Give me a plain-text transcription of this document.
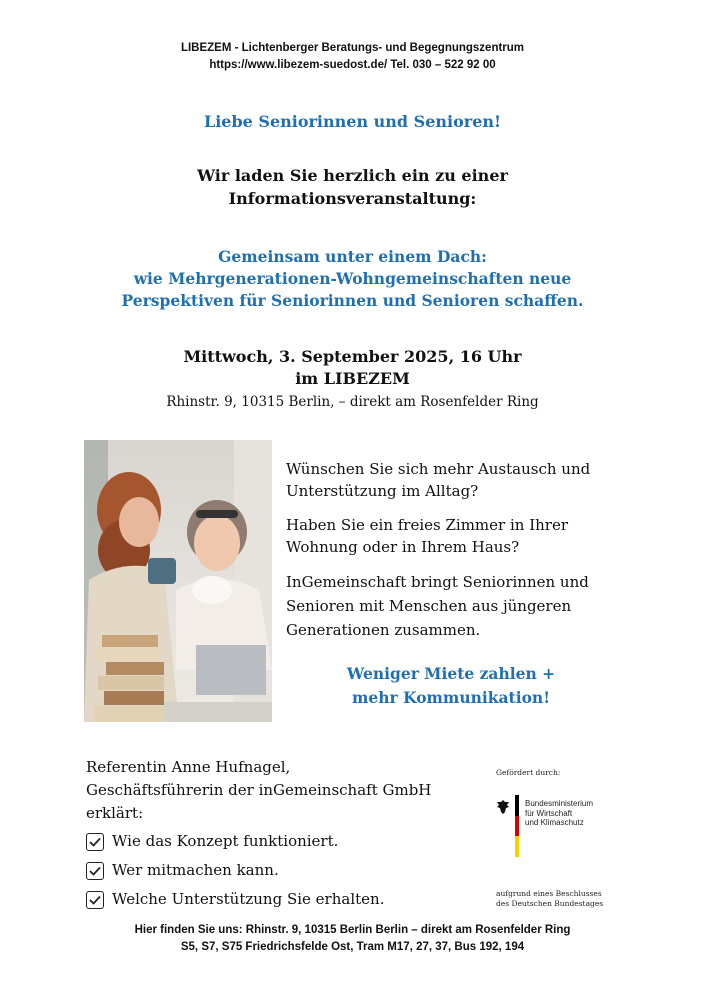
LIBEZEM - Lichtenberger Beratungs- und Begegnungszentrum
https://www.libezem-suedost.de/ Tel. 030 – 522 92 00
Liebe Seniorinnen und Senioren!
Wir laden Sie herzlich ein zu einer
Informationsveranstaltung:
Gemeinsam unter einem Dach:
wie Mehrgenerationen-Wohngemeinschaften neue
Perspektiven für Seniorinnen und Senioren schaffen.
Mittwoch, 3. September 2025, 16 Uhr
im LIBEZEM
Rhinstr. 9, 10315 Berlin, – direkt am Rosenfelder Ring

Wünschen Sie sich mehr Austausch und
Unterstützung im Alltag?

Haben Sie ein freies Zimmer in Ihrer
Wohnung oder in Ihrem Haus?

InGemeinschaft bringt Seniorinnen und
Senioren mit Menschen aus jüngeren
Generationen zusammen.

Weniger Miete zahlen +
mehr Kommunikation!
Referentin Anne Hufnagel,
Geschäftsführerin der inGemeinschaft GmbH
erklärt:
Wie das Konzept funktioniert.
Wer mitmachen kann.
Welche Unterstützung Sie erhalten.
Gefördert durch:
Bundesministerium
für Wirtschaft
und Klimaschutz
aufgrund eines Beschlusses
des Deutschen Bundestages
Hier finden Sie uns: Rhinstr. 9, 10315 Berlin Berlin – direkt am Rosenfelder Ring
S5, S7, S75 Friedrichsfelde Ost, Tram M17, 27, 37, Bus 192, 194
